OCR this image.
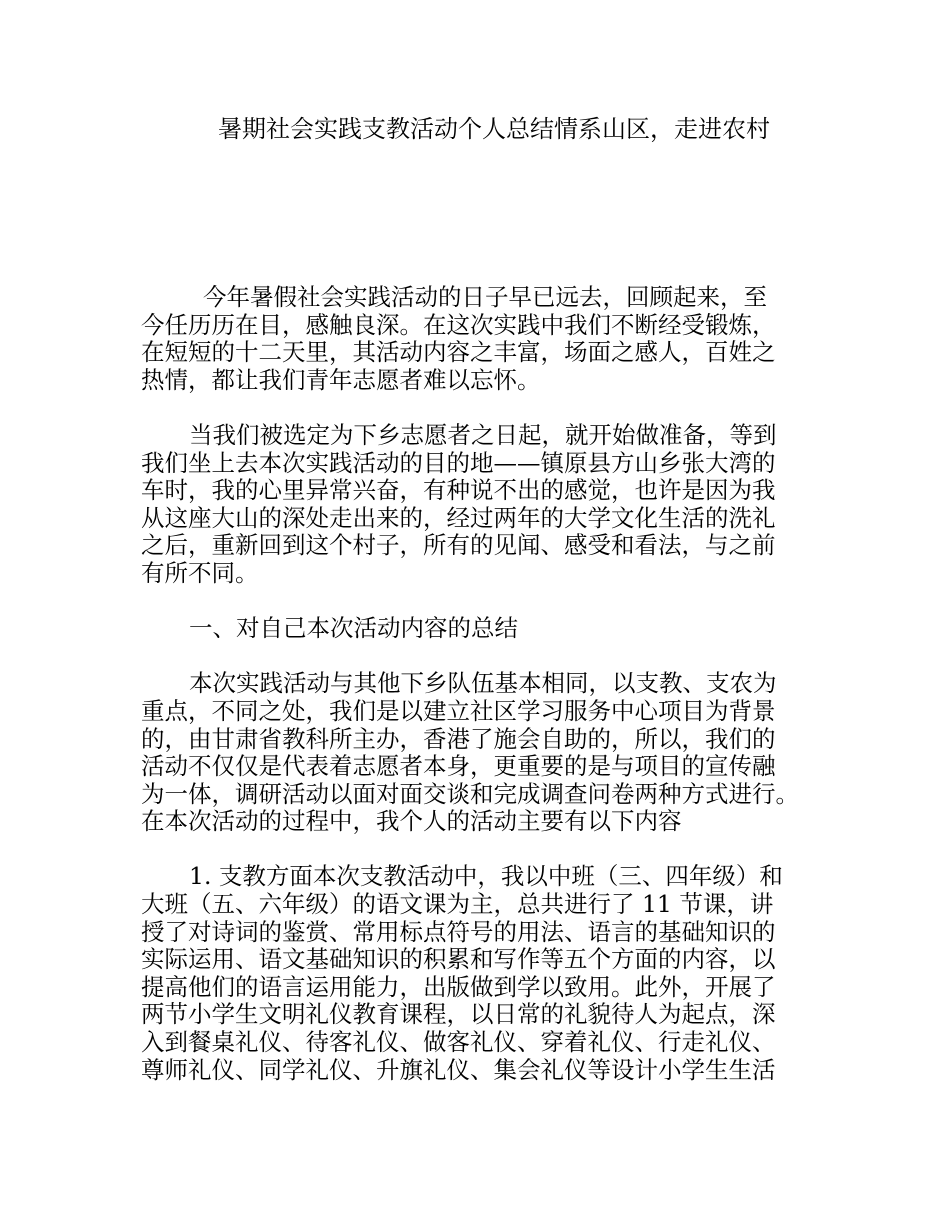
暑期社会实践支教活动个人总结情系山区，走进农村
今年暑假社会实践活动的日子早已远去，回顾起来，至
今任历历在目，感触良深。在这次实践中我们不断经受锻炼，
在短短的十二天里，其活动内容之丰富，场面之感人，百姓之
热情，都让我们青年志愿者难以忘怀。
当我们被选定为下乡志愿者之日起，就开始做准备，等到
我们坐上去本次实践活动的目的地——镇原县方山乡张大湾的
车时，我的心里异常兴奋，有种说不出的感觉，也许是因为我
从这座大山的深处走出来的，经过两年的大学文化生活的洗礼
之后，重新回到这个村子，所有的见闻、感受和看法，与之前
有所不同。
一、对自己本次活动内容的总结
本次实践活动与其他下乡队伍基本相同，以支教、支农为
重点，不同之处，我们是以建立社区学习服务中心项目为背景
的，由甘肃省教科所主办，香港了施会自助的，所以，我们的
活动不仅仅是代表着志愿者本身，更重要的是与项目的宣传融
为一体，调研活动以面对面交谈和完成调查问卷两种方式进行。
在本次活动的过程中，我个人的活动主要有以下内容
1. 支教方面本次支教活动中，我以中班（三、四年级）和
大班（五、六年级）的语文课为主，总共进行了 11 节课，讲
授了对诗词的鉴赏、常用标点符号的用法、语言的基础知识的
实际运用、语文基础知识的积累和写作等五个方面的内容，以
提高他们的语言运用能力，出版做到学以致用。此外，开展了
两节小学生文明礼仪教育课程，以日常的礼貌待人为起点，深
入到餐桌礼仪、待客礼仪、做客礼仪、穿着礼仪、行走礼仪、
尊师礼仪、同学礼仪、升旗礼仪、集会礼仪等设计小学生生活
